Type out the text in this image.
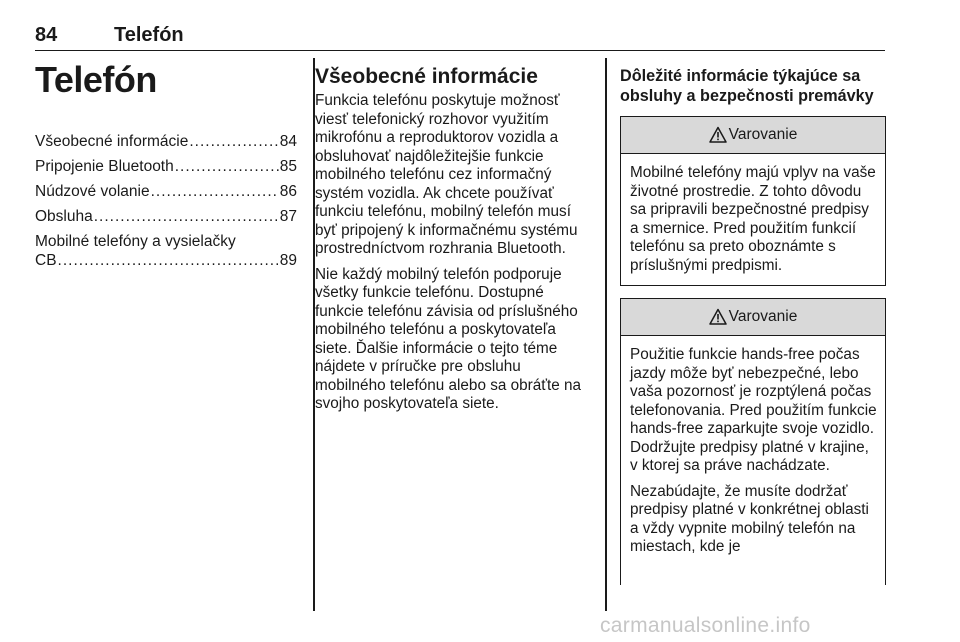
84	Telefón
Telefón
Všeobecné informácie .....	84
Pripojenie Bluetooth .....	85
Núdzové volanie .....	86
Obsluha .....	87
Mobilné telefóny a vysielačky
CB .....	89
Všeobecné informácie

Funkcia telefónu poskytuje možnosť viesť telefonický rozhovor využitím mikrofónu a reproduktorov vozidla a obsluhovať najdôležitejšie funkcie mobilného telefónu cez informačný systém vozidla. Ak chcete používať funkciu telefónu, mobilný telefón musí byť pripojený k informačnému systému prostredníctvom rozhrania Bluetooth.

Nie každý mobilný telefón podporuje všetky funkcie telefónu. Dostupné funkcie telefónu závisia od príslušného mobilného telefónu a poskytovateľa siete. Ďalšie informácie o tejto téme nájdete v príručke pre obsluhu mobilného telefónu alebo sa obráťte na svojho poskytovateľa siete.

Dôležité informácie týkajúce sa obsluhy a bezpečnosti premávky
Varovanie

Mobilné telefóny majú vplyv na vaše životné prostredie. Z tohto dôvodu sa pripravili bezpečnostné predpisy a smernice. Pred použitím funkcií telefónu sa preto oboznámte s príslušnými predpismi.

Varovanie

Použitie funkcie hands-free počas jazdy môže byť nebezpečné, lebo vaša pozornosť je rozptýlená počas telefonovania. Pred použitím funkcie hands-free zaparkujte svoje vozidlo. Dodržujte predpisy platné v krajine, v ktorej sa práve nachádzate.

Nezabúdajte, že musíte dodržať predpisy platné v konkrétnej oblasti a vždy vypnite mobilný telefón na miestach, kde je

carmanualsonline.info
